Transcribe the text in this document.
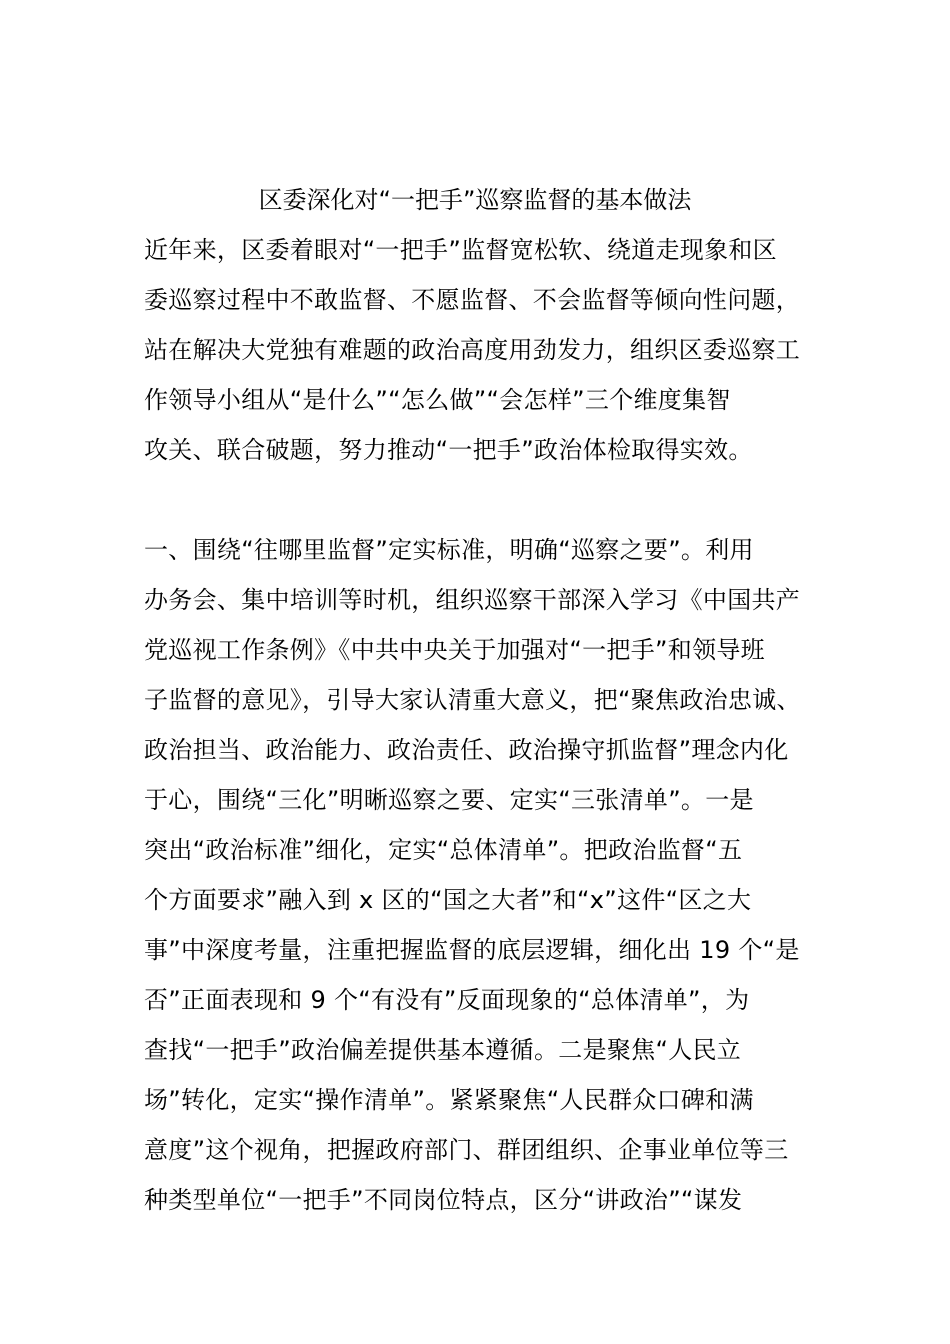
区委深化对“一把手”巡察监督的基本做法
近年来，区委着眼对“一把手”监督宽松软、绕道走现象和区
委巡察过程中不敢监督、不愿监督、不会监督等倾向性问题，
站在解决大党独有难题的政治高度用劲发力，组织区委巡察工
作领导小组从“是什么”“怎么做”“会怎样”三个维度集智
攻关、联合破题，努力推动“一把手”政治体检取得实效。
一、围绕“往哪里监督”定实标准，明确“巡察之要”。利用
办务会、集中培训等时机，组织巡察干部深入学习《中国共产
党巡视工作条例》《中共中央关于加强对“一把手”和领导班
子监督的意见》，引导大家认清重大意义，把“聚焦政治忠诚、
政治担当、政治能力、政治责任、政治操守抓监督”理念内化
于心，围绕“三化”明晰巡察之要、定实“三张清单”。一是
突出“政治标准”细化，定实“总体清单”。把政治监督“五
个方面要求”融入到 x 区的“国之大者”和“x”这件“区之大
事”中深度考量，注重把握监督的底层逻辑，细化出 19 个“是
否”正面表现和 9 个“有没有”反面现象的“总体清单”，为
查找“一把手”政治偏差提供基本遵循。二是聚焦“人民立
场”转化，定实“操作清单”。紧紧聚焦“人民群众口碑和满
意度”这个视角，把握政府部门、群团组织、企事业单位等三
种类型单位“一把手”不同岗位特点，区分“讲政治”“谋发
